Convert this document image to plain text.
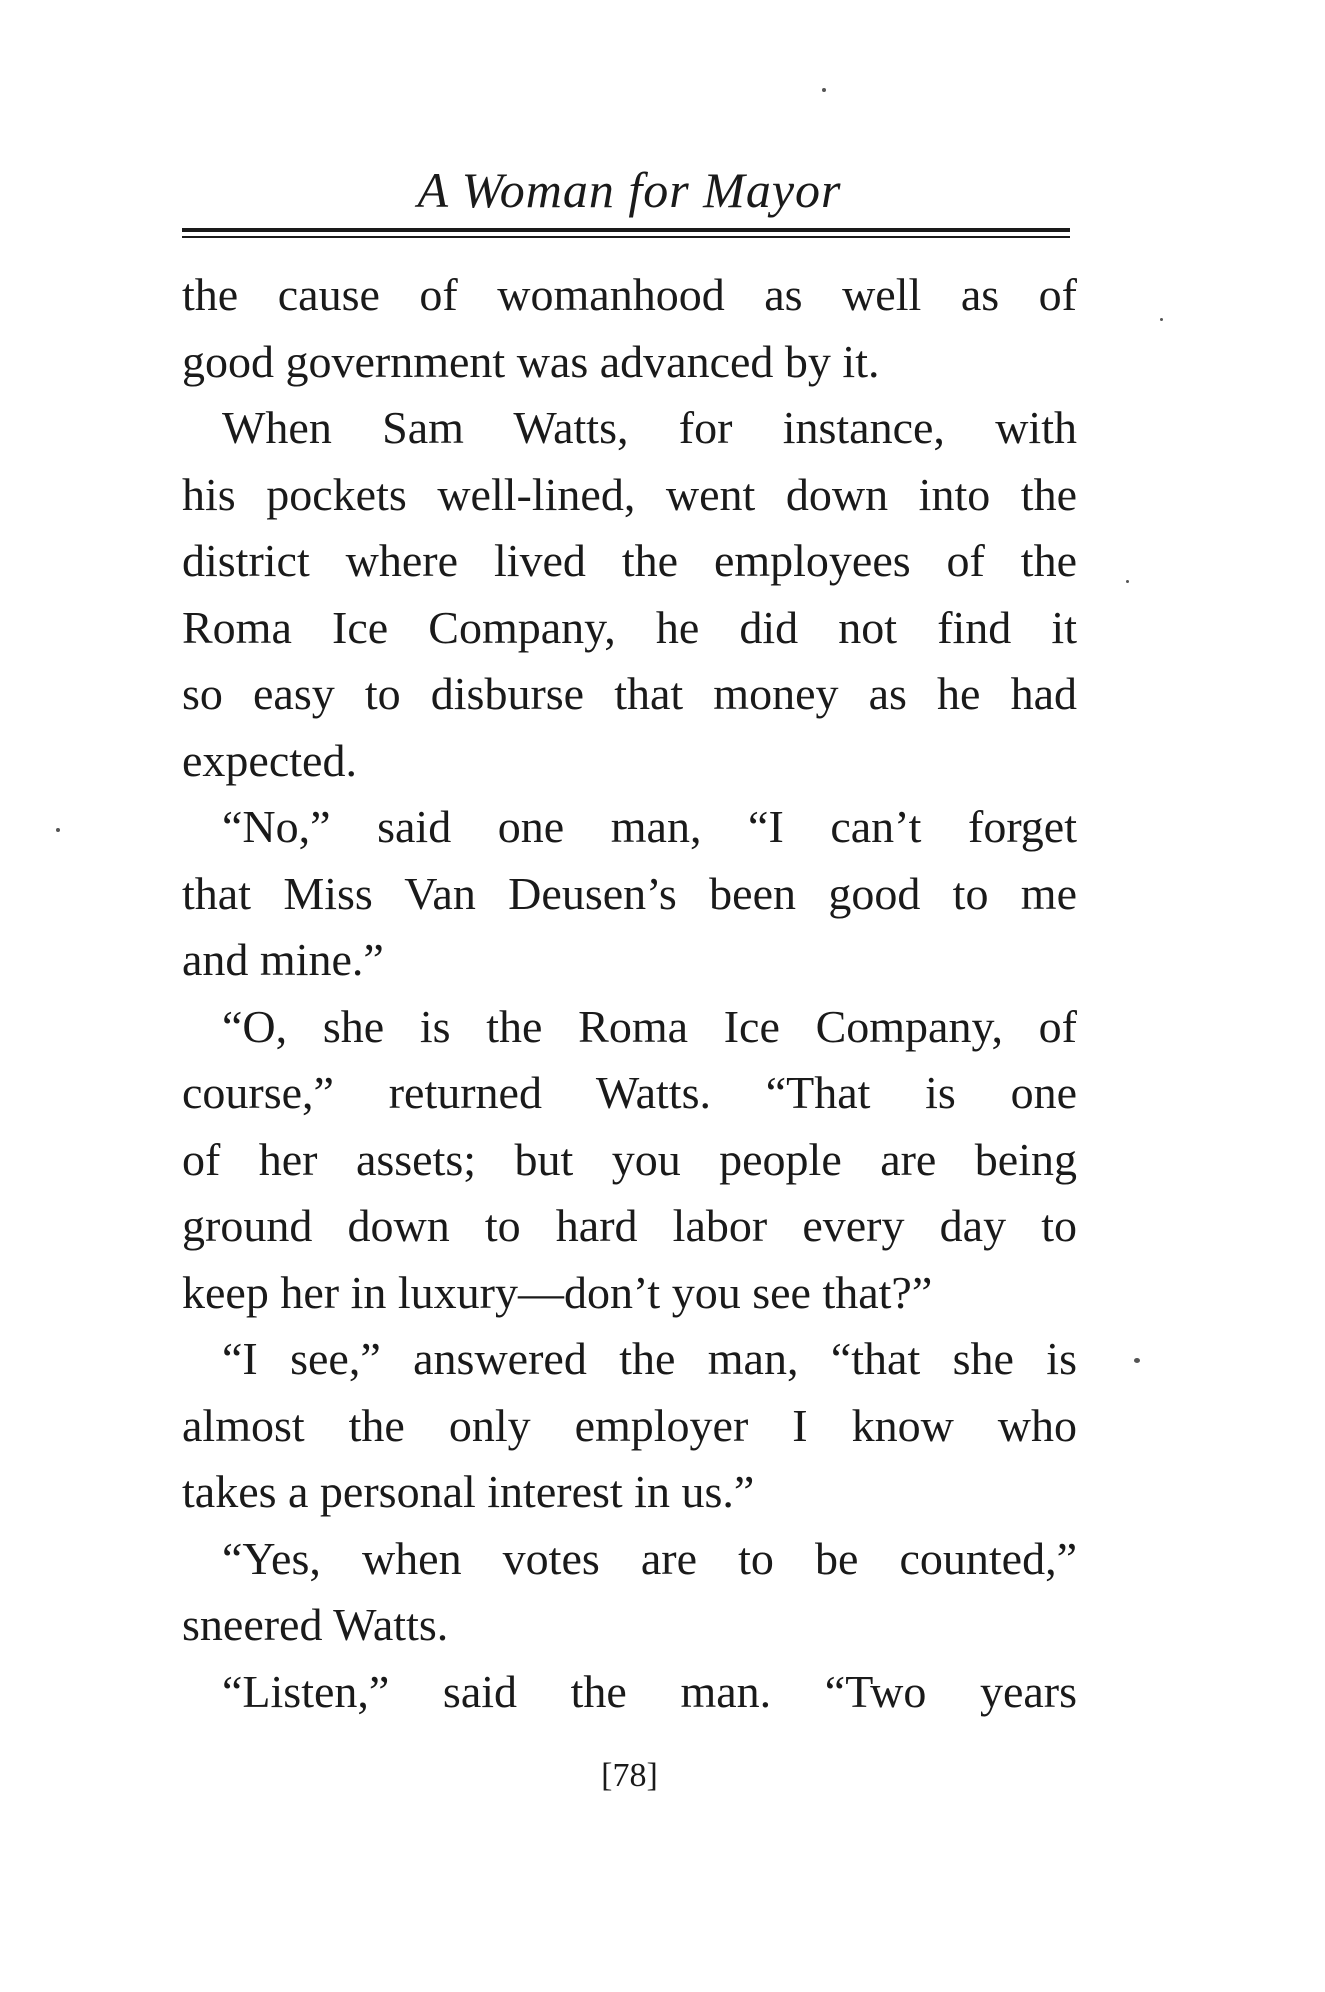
A Woman for Mayor
the cause of womanhood as well as of
good government was advanced by it.
When Sam Watts, for instance, with
his pockets well-lined, went down into the
district where lived the employees of the
Roma Ice Company, he did not find it
so easy to disburse that money as he had
expected.
“No,” said one man, “I can’t forget
that Miss Van Deusen’s been good to me
and mine.”
“O, she is the Roma Ice Company, of
course,” returned Watts. “That is one
of her assets; but you people are being
ground down to hard labor every day to
keep her in luxury—don’t you see that?”
“I see,” answered the man, “that she is
almost the only employer I know who
takes a personal interest in us.”
“Yes, when votes are to be counted,”
sneered Watts.
“Listen,” said the man. “Two years
[78]
